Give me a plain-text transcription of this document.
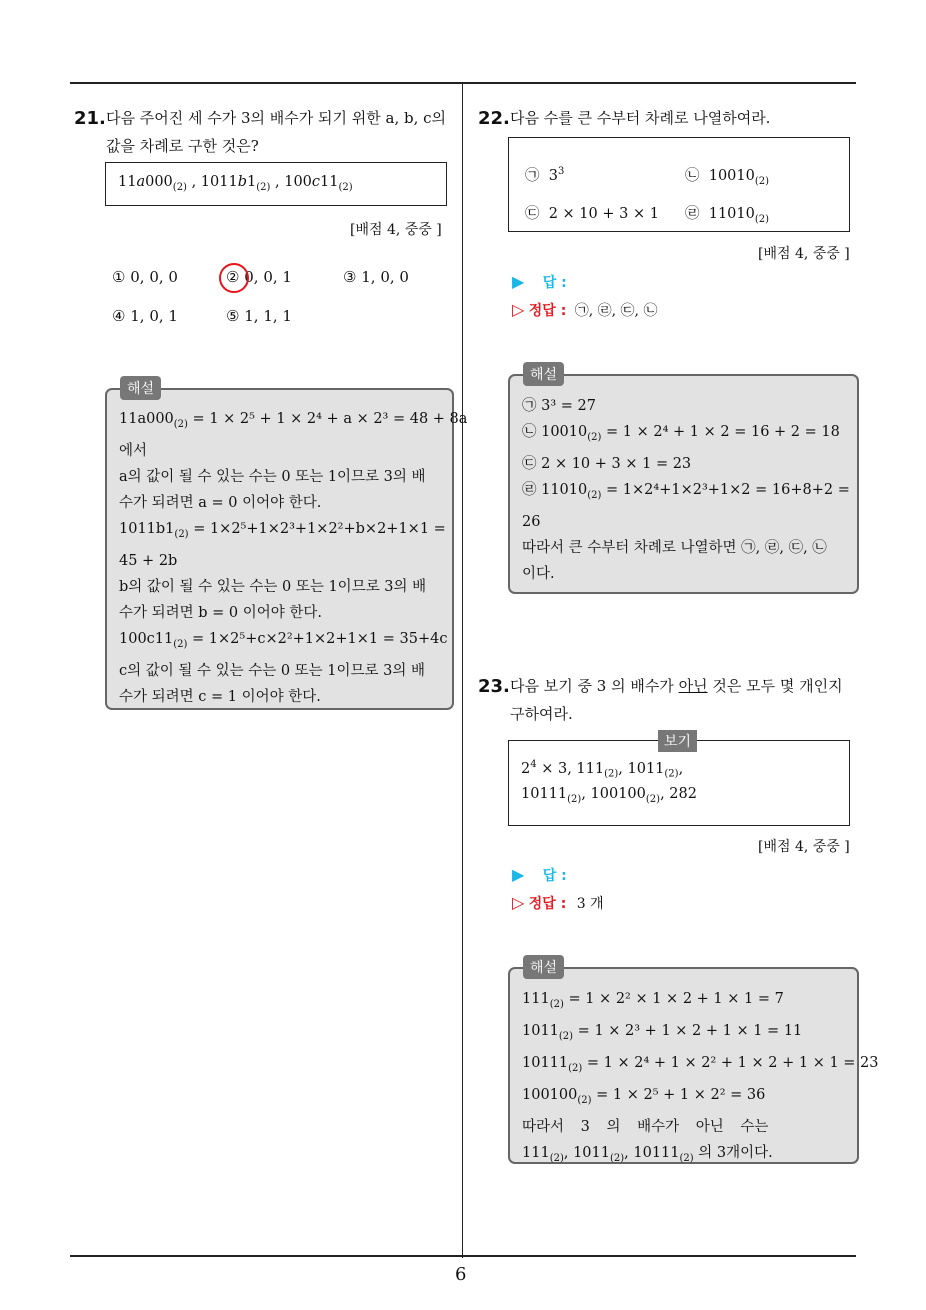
6
21. 다음 주어진 세 수가 3의 배수가 되기 위한 a, b, c의
값을 차례로 구한 것은?
$11a000_{(2)}$ , $1011b1_{(2)}$ , $100c11_{(2)}$
[배점 4, 중중 ]
① 0, 0, 0	② 0, 0, 1	③ 1, 0, 0
④ 1, 0, 1	⑤ 1, 1, 1
$11a000_{(2)} = 1 \times 2^5 + 1 \times 2^4 + a \times 2^3 = 48 + 8a$
에서
a의 값이 될 수 있는 수는 0 또는 1이므로 3의 배
수가 되려면 a = 0 이어야 한다.
$1011b1_{(2)} = 1\times 2^5+1\times 2^3+1\times 2^2+b\times 2+1\times 1$ =
45 + 2b
b의 값이 될 수 있는 수는 0 또는 1이므로 3의 배
수가 되려면 b = 0 이어야 한다.
$100c11_{(2)} = 1\times 2^5+c\times 2^2+1\times 2+1\times 1 = 35+4c$
c의 값이 될 수 있는 수는 0 또는 1이므로 3의 배
수가 되려면 c = 1 이어야 한다.
해설
22. 다음 수를 큰 수부터 차례로 나열하여라.
㉠  $3^3$	㉡  $10010_{(2)}$
㉢  2 × 10 + 3 × 1 ㉣  $11010_{(2)}$
[배점 4, 중중 ]
▶ 답 :
▷ 정답 : ㉠, ㉣, ㉢, ㉡
㉠ 3³ = 27
㉡ $10010_{(2)} = 1 \times 2^4 + 1 \times 2 = 16 + 2 = 18$
㉢ 2 × 10 + 3 × 1 = 23
㉣ $11010_{(2)} = 1\times 2^4+1\times 2^3+1\times 2 = 16+8+2$ =
26
따라서 큰 수부터 차례로 나열하면 ㉠, ㉣, ㉢, ㉡
이다.
해설
23. 다음 보기 중 3 의 배수가 아닌 것은 모두 몇 개인지
구하여라.
$2^4 \times 3$, $111_{(2)}$, $1011_{(2)}$,
$10111_{(2)}$, $100100_{(2)}$, 282
보기
[배점 4, 중중 ]
▶ 답 :
▷ 정답 : 3 개
$111_{(2)} = 1 \times 2^2 \times 1 \times 2 + 1 \times 1 = 7$
$1011_{(2)} = 1 \times 2^3 + 1 \times 2 + 1 \times 1 = 11$
$10111_{(2)} = 1 \times 2^4 + 1 \times 2^2 + 1 \times 2 + 1 \times 1 = 23$
$100100_{(2)} = 1 \times 2^5 + 1 \times 2^2 = 36$
따라서 3 의 배수가 아닌 수는
$111_{(2)}$, $1011_{(2)}$, $10111_{(2)}$ 의 3개이다.
해설
